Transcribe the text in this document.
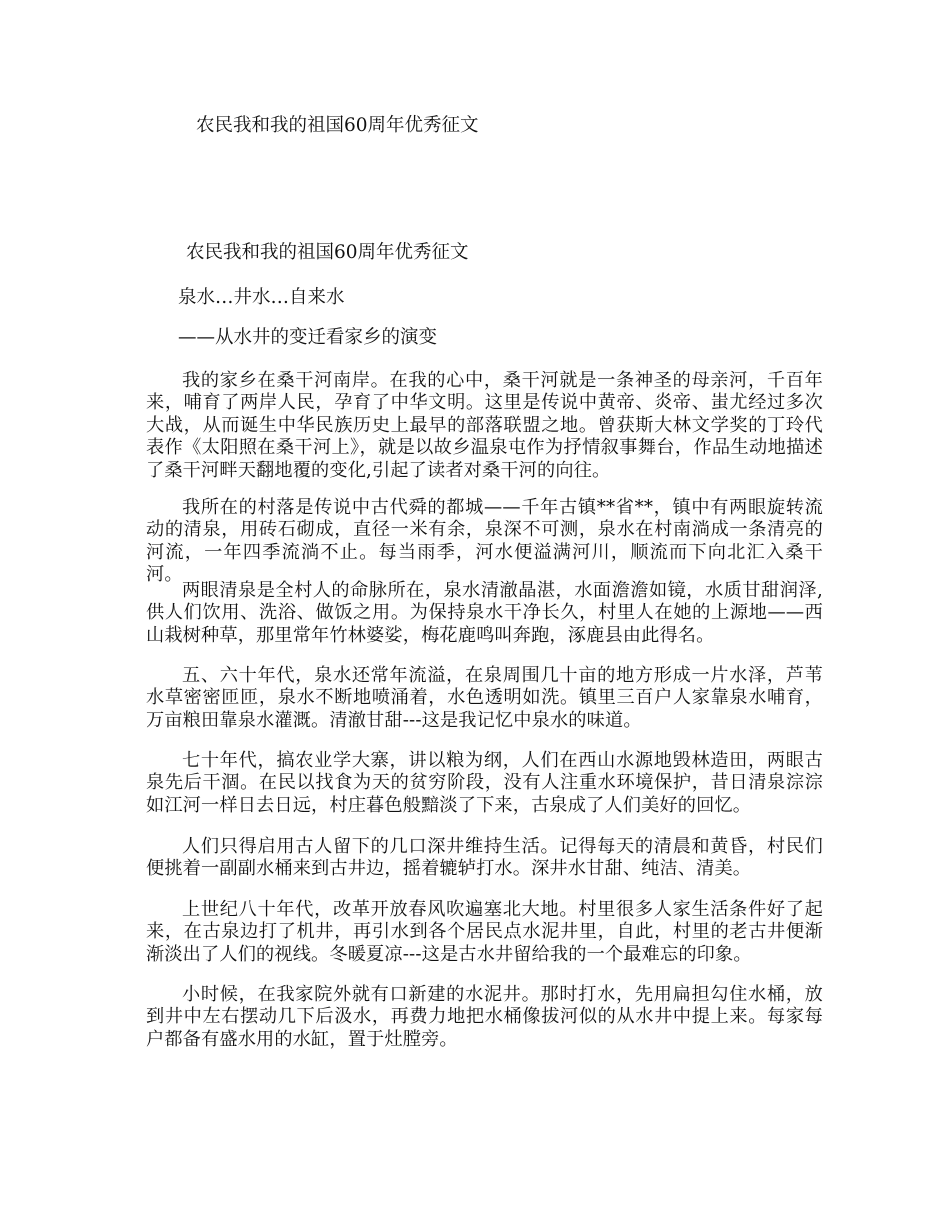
农民我和我的祖国60周年优秀征文
农民我和我的祖国60周年优秀征文

泉水…井水…自来水

——从水井的变迁看家乡的演变

我的家乡在桑干河南岸。在我的心中，桑干河就是一条神圣的母亲河，千百年来，哺育了两岸人民，孕育了中华文明。这里是传说中黄帝、炎帝、蚩尤经过多次大战，从而诞生中华民族历史上最早的部落联盟之地。曾获斯大林文学奖的丁玲代表作《太阳照在桑干河上》，就是以故乡温泉屯作为抒情叙事舞台，作品生动地描述了桑干河畔天翻地覆的变化,引起了读者对桑干河的向往。

我所在的村落是传说中古代舜的都城——千年古镇**省**，镇中有两眼旋转流动的清泉，用砖石砌成，直径一米有余，泉深不可测，泉水在村南淌成一条清亮的河流，一年四季流淌不止。每当雨季，河水便溢满河川，顺流而下向北汇入桑干河。

两眼清泉是全村人的命脉所在，泉水清澈晶湛，水面澹澹如镜，水质甘甜润泽,供人们饮用、洗浴、做饭之用。为保持泉水干净长久，村里人在她的上源地——西山栽树种草，那里常年竹林婆娑，梅花鹿鸣叫奔跑，涿鹿县由此得名。

五、六十年代，泉水还常年流溢，在泉周围几十亩的地方形成一片水泽，芦苇水草密密匝匝，泉水不断地喷涌着，水色透明如洗。镇里三百户人家靠泉水哺育，万亩粮田靠泉水灌溉。清澈甘甜---这是我记忆中泉水的味道。

七十年代，搞农业学大寨，讲以粮为纲，人们在西山水源地毁林造田，两眼古泉先后干涸。在民以找食为天的贫穷阶段，没有人注重水环境保护，昔日清泉淙淙如江河一样日去日远，村庄暮色般黯淡了下来，古泉成了人们美好的回忆。

人们只得启用古人留下的几口深井维持生活。记得每天的清晨和黄昏，村民们便挑着一副副水桶来到古井边，摇着辘轳打水。深井水甘甜、纯洁、清美。

上世纪八十年代，改革开放春风吹遍塞北大地。村里很多人家生活条件好了起来，在古泉边打了机井，再引水到各个居民点水泥井里，自此，村里的老古井便渐渐淡出了人们的视线。冬暖夏凉---这是古水井留给我的一个最难忘的印象。

小时候，在我家院外就有口新建的水泥井。那时打水，先用扁担勾住水桶，放到井中左右摆动几下后汲水，再费力地把水桶像拔河似的从水井中提上来。每家每户都备有盛水用的水缸，置于灶膛旁。
